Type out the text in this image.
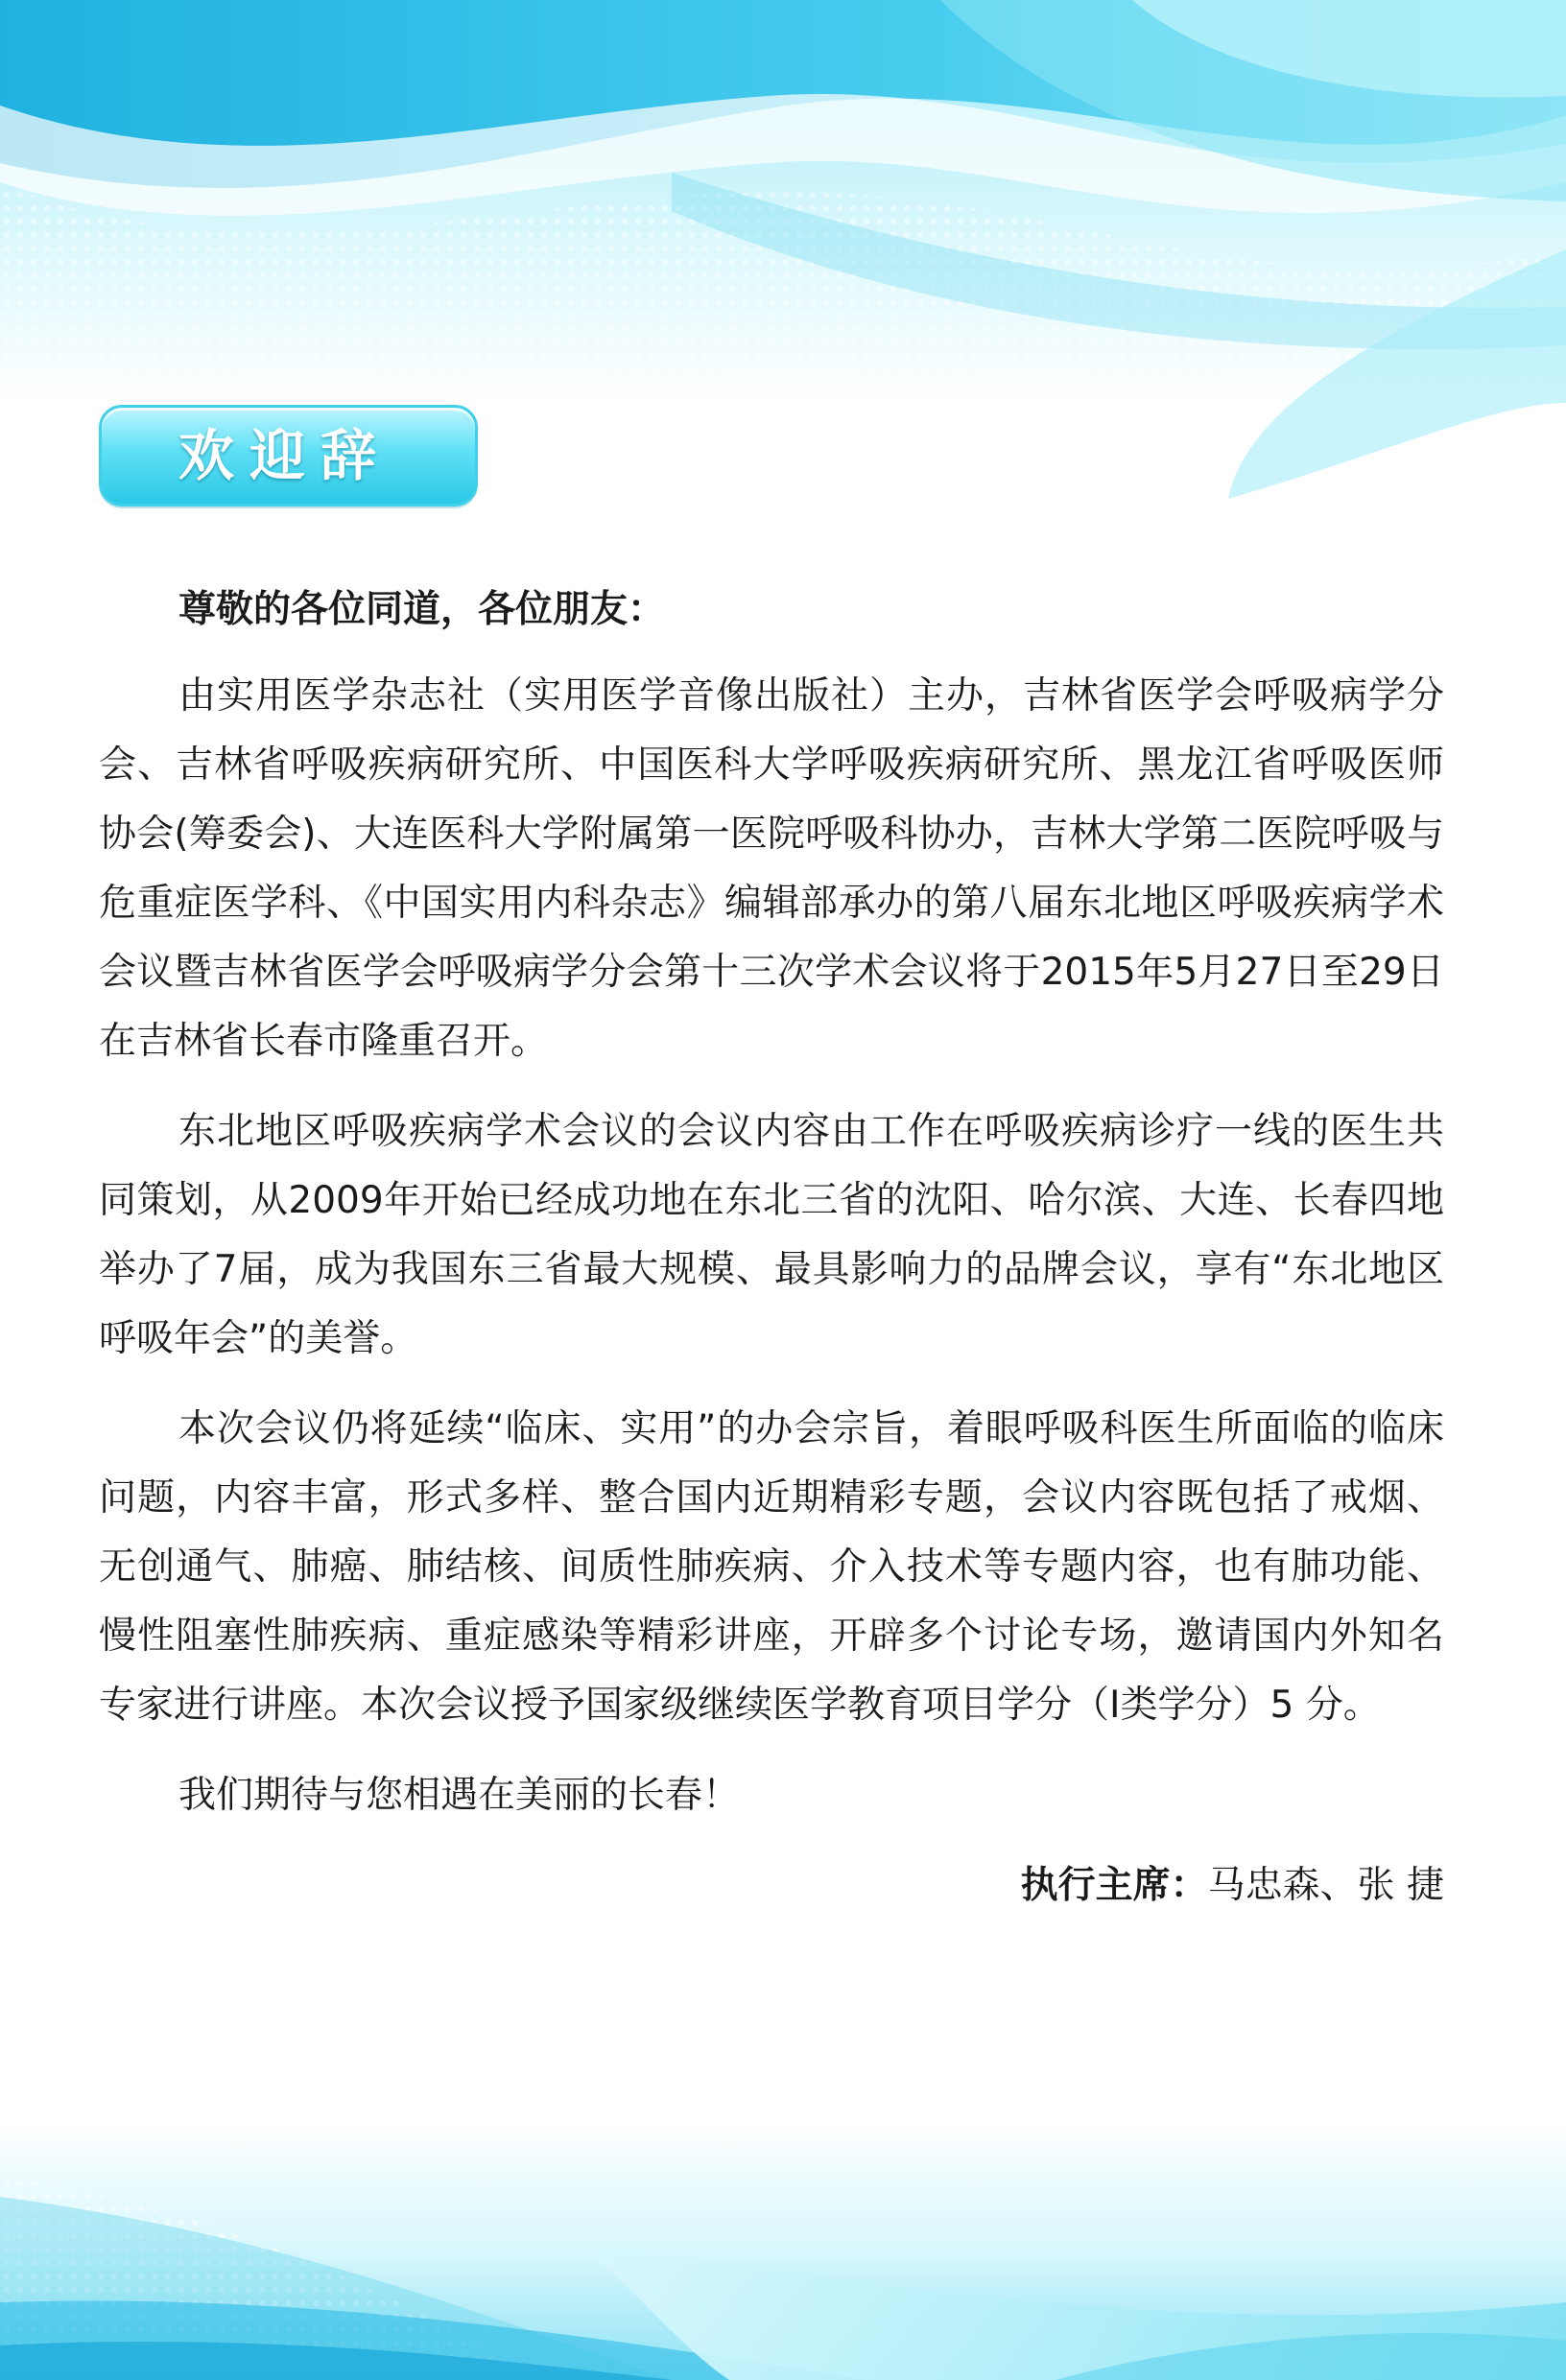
欢迎辞

尊敬的各位同道，各位朋友：

由实用医学杂志社（实用医学音像出版社）主办，吉林省医学会呼吸病学分会、吉林省呼吸疾病研究所、中国医科大学呼吸疾病研究所、黑龙江省呼吸医师协会(筹委会)、大连医科大学附属第一医院呼吸科协办，吉林大学第二医院呼吸与危重症医学科、《中国实用内科杂志》编辑部承办的第八届东北地区呼吸疾病学术会议暨吉林省医学会呼吸病学分会第十三次学术会议将于2015年5月27日至29日在吉林省长春市隆重召开。

东北地区呼吸疾病学术会议的会议内容由工作在呼吸疾病诊疗一线的医生共同策划，从2009年开始已经成功地在东北三省的沈阳、哈尔滨、大连、长春四地举办了7届，成为我国东三省最大规模、最具影响力的品牌会议，享有“东北地区呼吸年会”的美誉。

本次会议仍将延续“临床、实用”的办会宗旨，着眼呼吸科医生所面临的临床问题，内容丰富，形式多样、整合国内近期精彩专题，会议内容既包括了戒烟、无创通气、肺癌、肺结核、间质性肺疾病、介入技术等专题内容，也有肺功能、慢性阻塞性肺疾病、重症感染等精彩讲座，开辟多个讨论专场，邀请国内外知名专家进行讲座。本次会议授予国家级继续医学教育项目学分（I类学分）5 分。

我们期待与您相遇在美丽的长春！

执行主席：马忠森、张 捷
